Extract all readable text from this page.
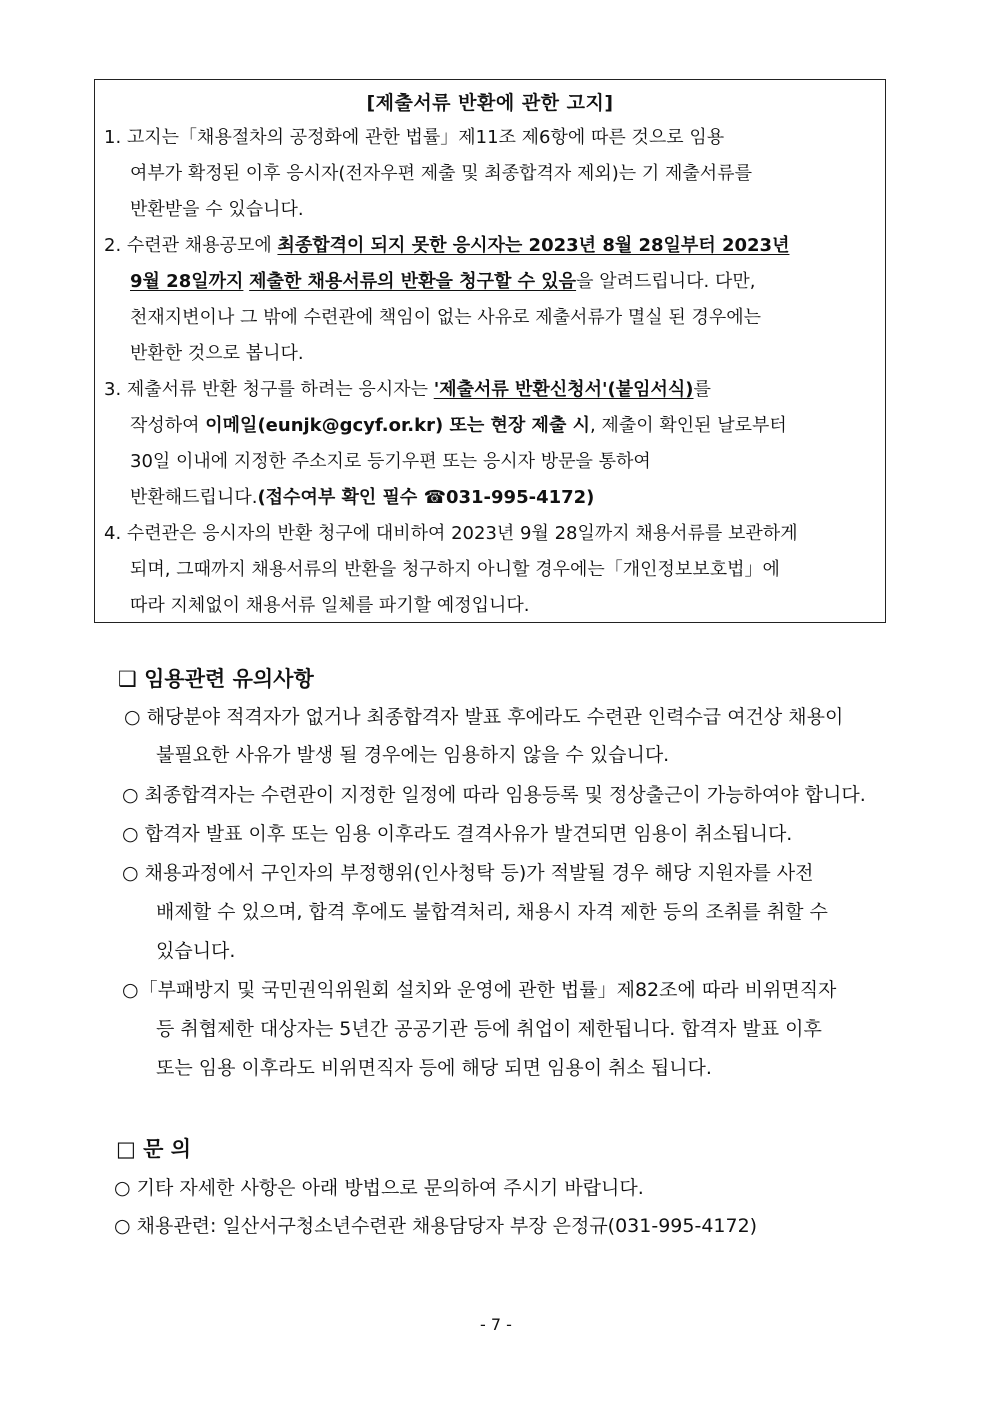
[제출서류 반환에 관한 고지]
1. 고지는「채용절차의 공정화에 관한 법률」제11조 제6항에 따른 것으로 임용
여부가 확정된 이후 응시자(전자우편 제출 및 최종합격자 제외)는 기 제출서류를
반환받을 수 있습니다.
2. 수련관 채용공모에 최종합격이 되지 못한 응시자는 2023년 8월 28일부터 2023년
9월 28일까지 제출한 채용서류의 반환을 청구할 수 있음을 알려드립니다. 다만,
천재지변이나 그 밖에 수련관에 책임이 없는 사유로 제출서류가 멸실 된 경우에는
반환한 것으로 봅니다.
3. 제출서류 반환 청구를 하려는 응시자는 '제출서류 반환신청서'(붙임서식)를
작성하여 이메일(eunjk@gcyf.or.kr) 또는 현장 제출 시, 제출이 확인된 날로부터
30일 이내에 지정한 주소지로 등기우편 또는 응시자 방문을 통하여
반환해드립니다.(접수여부 확인 필수 ☎031-995-4172)
4. 수련관은 응시자의 반환 청구에 대비하여 2023년 9월 28일까지 채용서류를 보관하게
되며, 그때까지 채용서류의 반환을 청구하지 아니할 경우에는「개인정보보호법」에
따라 지체없이 채용서류 일체를 파기할 예정입니다.
❑ 임용관련 유의사항
○ 해당분야 적격자가 없거나 최종합격자 발표 후에라도 수련관 인력수급 여건상 채용이
불필요한 사유가 발생 될 경우에는 임용하지 않을 수 있습니다.
○ 최종합격자는 수련관이 지정한 일정에 따라 임용등록 및 정상출근이 가능하여야 합니다.
○ 합격자 발표 이후 또는 임용 이후라도 결격사유가 발견되면 임용이 취소됩니다.
○ 채용과정에서 구인자의 부정행위(인사청탁 등)가 적발될 경우 해당 지원자를 사전
배제할 수 있으며, 합격 후에도 불합격처리, 채용시 자격 제한 등의 조취를 취할 수
있습니다.
○「부패방지 및 국민권익위원회 설치와 운영에 관한 법률」제82조에 따라 비위면직자
등 취협제한 대상자는 5년간 공공기관 등에 취업이 제한됩니다. 합격자 발표 이후
또는 임용 이후라도 비위면직자 등에 해당 되면 임용이 취소 됩니다.
□ 문 의
○ 기타 자세한 사항은 아래 방법으로 문의하여 주시기 바랍니다.
○ 채용관련: 일산서구청소년수련관 채용담당자 부장 은정규(031-995-4172)
- 7 -
